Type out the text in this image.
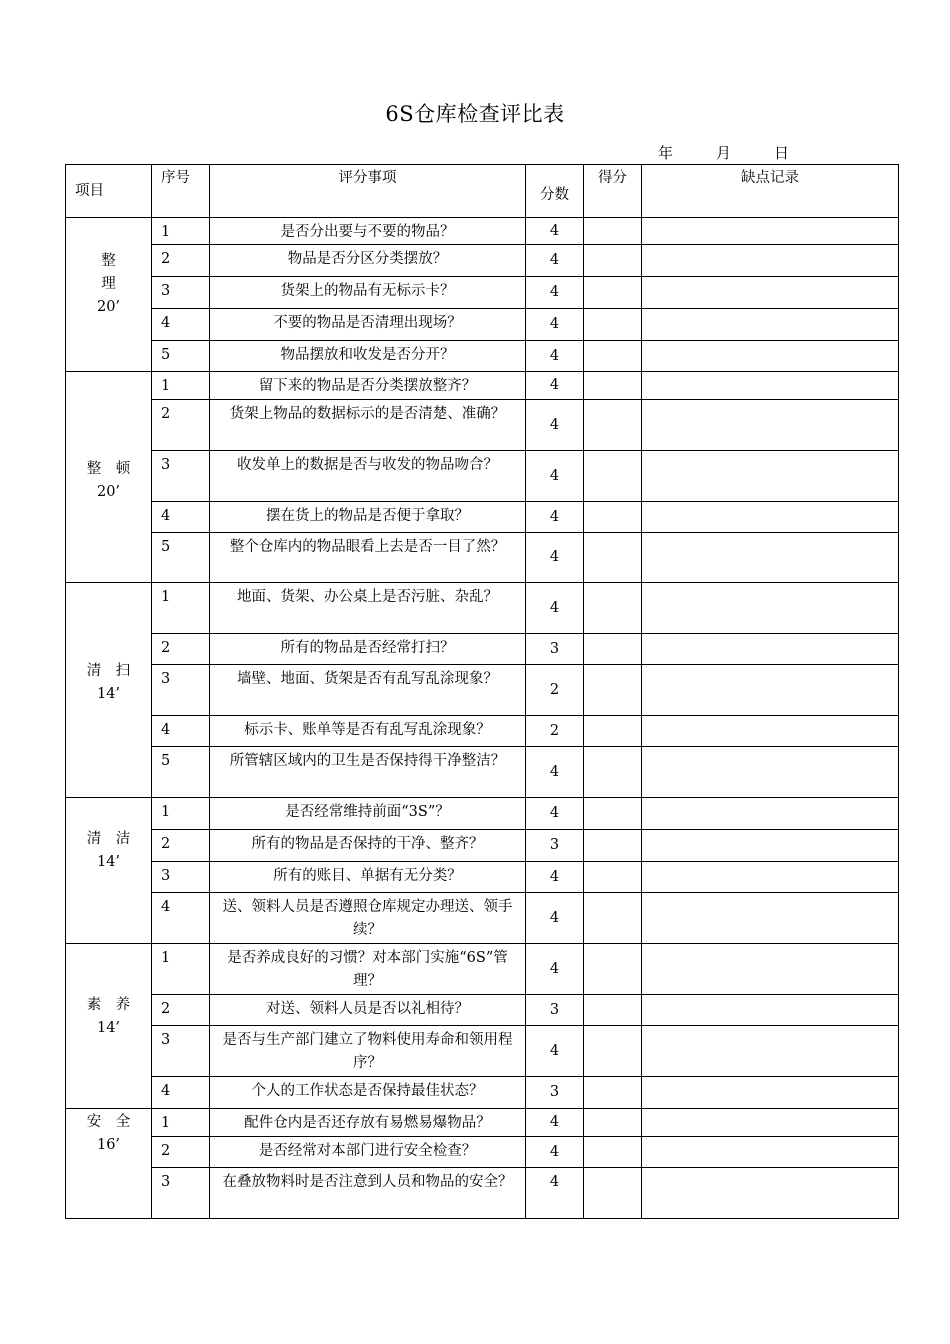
6S仓库检查评比表
年	月	日
项目	序号	评分事项	分数	得分	缺点记录

整
理
20’	1	是否分出要与不要的物品？	4		
	2	物品是否分区分类摆放？	4		
	3	货架上的物品有无标示卡？	4		
	4	不要的物品是否清理出现场？	4		
	5	物品摆放和收发是否分开？	4		

整　顿
20’	1	留下来的物品是否分类摆放整齐？	4		
	2	货架上物品的数据标示的是否清楚、准确？	4		
	3	收发单上的数据是否与收发的物品吻合？	4		
	4	摆在货上的物品是否便于拿取？	4		
	5	整个仓库内的物品眼看上去是否一目了然？	4		

清　扫
14’	1	地面、货架、办公桌上是否污脏、杂乱？	4		
	2	所有的物品是否经常打扫？	3		
	3	墙壁、地面、货架是否有乱写乱涂现象？	2		
	4	标示卡、账单等是否有乱写乱涂现象？	2		
	5	所管辖区域内的卫生是否保持得干净整洁？	4		

清　洁
14’	1	是否经常维持前面“3S”？	4		
	2	所有的物品是否保持的干净、整齐？	3		
	3	所有的账目、单据有无分类？	4		
	4	送、领料人员是否遵照仓库规定办理送、领手续？	4		

素　养
14’	1	是否养成良好的习惯？对本部门实施“6S”管理？	4		
	2	对送、领料人员是否以礼相待？	3		
	3	是否与生产部门建立了物料使用寿命和领用程序？	4		
	4	个人的工作状态是否保持最佳状态？	3		

安　全
16’	1	配件仓内是否还存放有易燃易爆物品？	4		
	2	是否经常对本部门进行安全检查？	4		
	3	在叠放物料时是否注意到人员和物品的安全？	4		
